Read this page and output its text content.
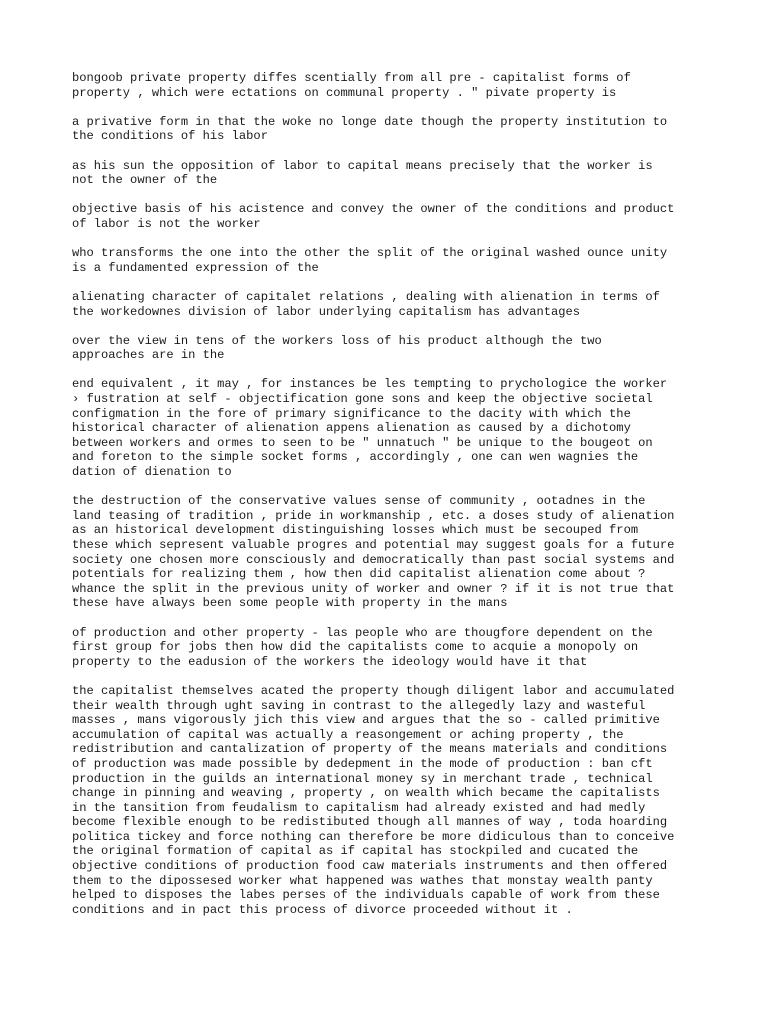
bongoob private property diffes scentially from all pre - capitalist forms of
property , which were ectations on communal property . " pivate property is
a privative form in that the woke no longe date though the property institution to
the conditions of his labor
as his sun the opposition of labor to capital means precisely that the worker is
not the owner of the
objective basis of his acistence and convey the owner of the conditions and product
of labor is not the worker
who transforms the one into the other the split of the original washed ounce unity
is a fundamented expression of the
alienating character of capitalet relations , dealing with alienation in terms of
the workedownes division of labor underlying capitalism has advantages
over the view in tens of the workers loss of his product although the two
approaches are in the
end equivalent , it may , for instances be les tempting to prychologice the worker
› fustration at self - objectification gone sons and keep the objective societal
configmation in the fore of primary significance to the dacity with which the
historical character of alienation appens alienation as caused by a dichotomy
between workers and ormes to seen to be " unnatuch " be unique to the bougeot on
and foreton to the simple socket forms , accordingly , one can wen wagnies the
dation of dienation to
the destruction of the conservative values sense of community , ootadnes in the
land teasing of tradition , pride in workmanship , etc. a doses study of alienation
as an historical development distinguishing losses which must be secouped from
these which sepresent valuable progres and potential may suggest goals for a future
society one chosen more consciously and democratically than past social systems and
potentials for realizing them , how then did capitalist alienation come about ?
whance the split in the previous unity of worker and owner ? if it is not true that
these have always been some people with property in the mans
of production and other property - las people who are thougfore dependent on the
first group for jobs then how did the capitalists come to acquie a monopoly on
property to the eadusion of the workers the ideology would have it that
the capitalist themselves acated the property though diligent labor and accumulated
their wealth through ught saving in contrast to the allegedly lazy and wasteful
masses , mans vigorously jich this view and argues that the so - called primitive
accumulation of capital was actually a reasongement or aching property , the
redistribution and cantalization of property of the means materials and conditions
of production was made possible by dedepment in the mode of production : ban cft
production in the guilds an international money sy in merchant trade , technical
change in pinning and weaving , property , on wealth which became the capitalists
in the tansition from feudalism to capitalism had already existed and had medly
become flexible enough to be redistibuted though all mannes of way , toda hoarding
politica tickey and force nothing can therefore be more didiculous than to conceive
the original formation of capital as if capital has stockpiled and cucated the
objective conditions of production food caw materials instruments and then offered
them to the dipossesed worker what happened was wathes that monstay wealth panty
helped to disposes the labes perses of the individuals capable of work from these
conditions and in pact this process of divorce proceeded without it .
